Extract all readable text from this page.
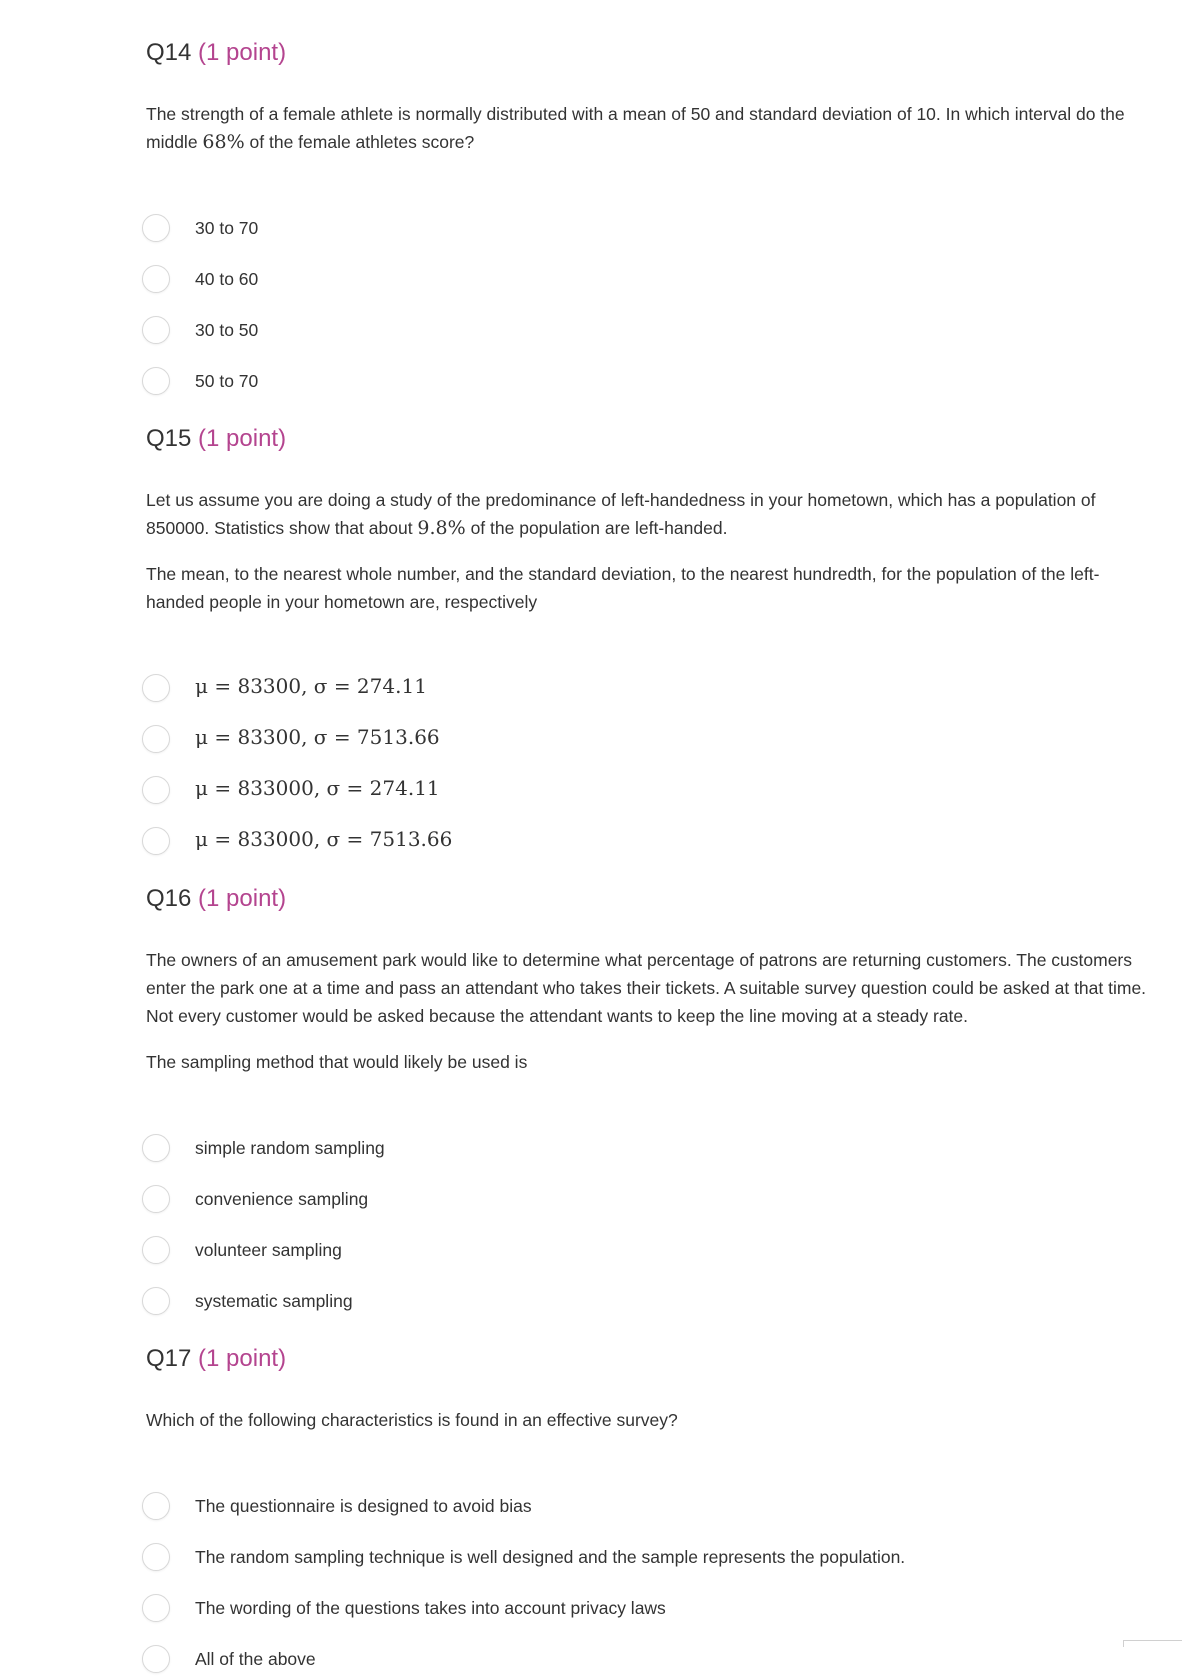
Q14 (1 point)

The strength of a female athlete is normally distributed with a mean of 50 and standard deviation of 10. In which interval do the middle 68% of the female athletes score?

30 to 70
40 to 60
30 to 50
50 to 70
Q15 (1 point)

Let us assume you are doing a study of the predominance of left-handedness in your hometown, which has a population of 850000. Statistics show that about 9.8% of the population are left-handed.

The mean, to the nearest whole number, and the standard deviation, to the nearest hundredth, for the population of the left-handed people in your hometown are, respectively

μ = 83300, σ = 274.11
μ = 83300, σ = 7513.66
μ = 833000, σ = 274.11
μ = 833000, σ = 7513.66
Q16 (1 point)

The owners of an amusement park would like to determine what percentage of patrons are returning customers. The customers enter the park one at a time and pass an attendant who takes their tickets. A suitable survey question could be asked at that time. Not every customer would be asked because the attendant wants to keep the line moving at a steady rate.

The sampling method that would likely be used is

simple random sampling
convenience sampling
volunteer sampling
systematic sampling
Q17 (1 point)

Which of the following characteristics is found in an effective survey?

The questionnaire is designed to avoid bias
The random sampling technique is well designed and the sample represents the population.
The wording of the questions takes into account privacy laws
All of the above
